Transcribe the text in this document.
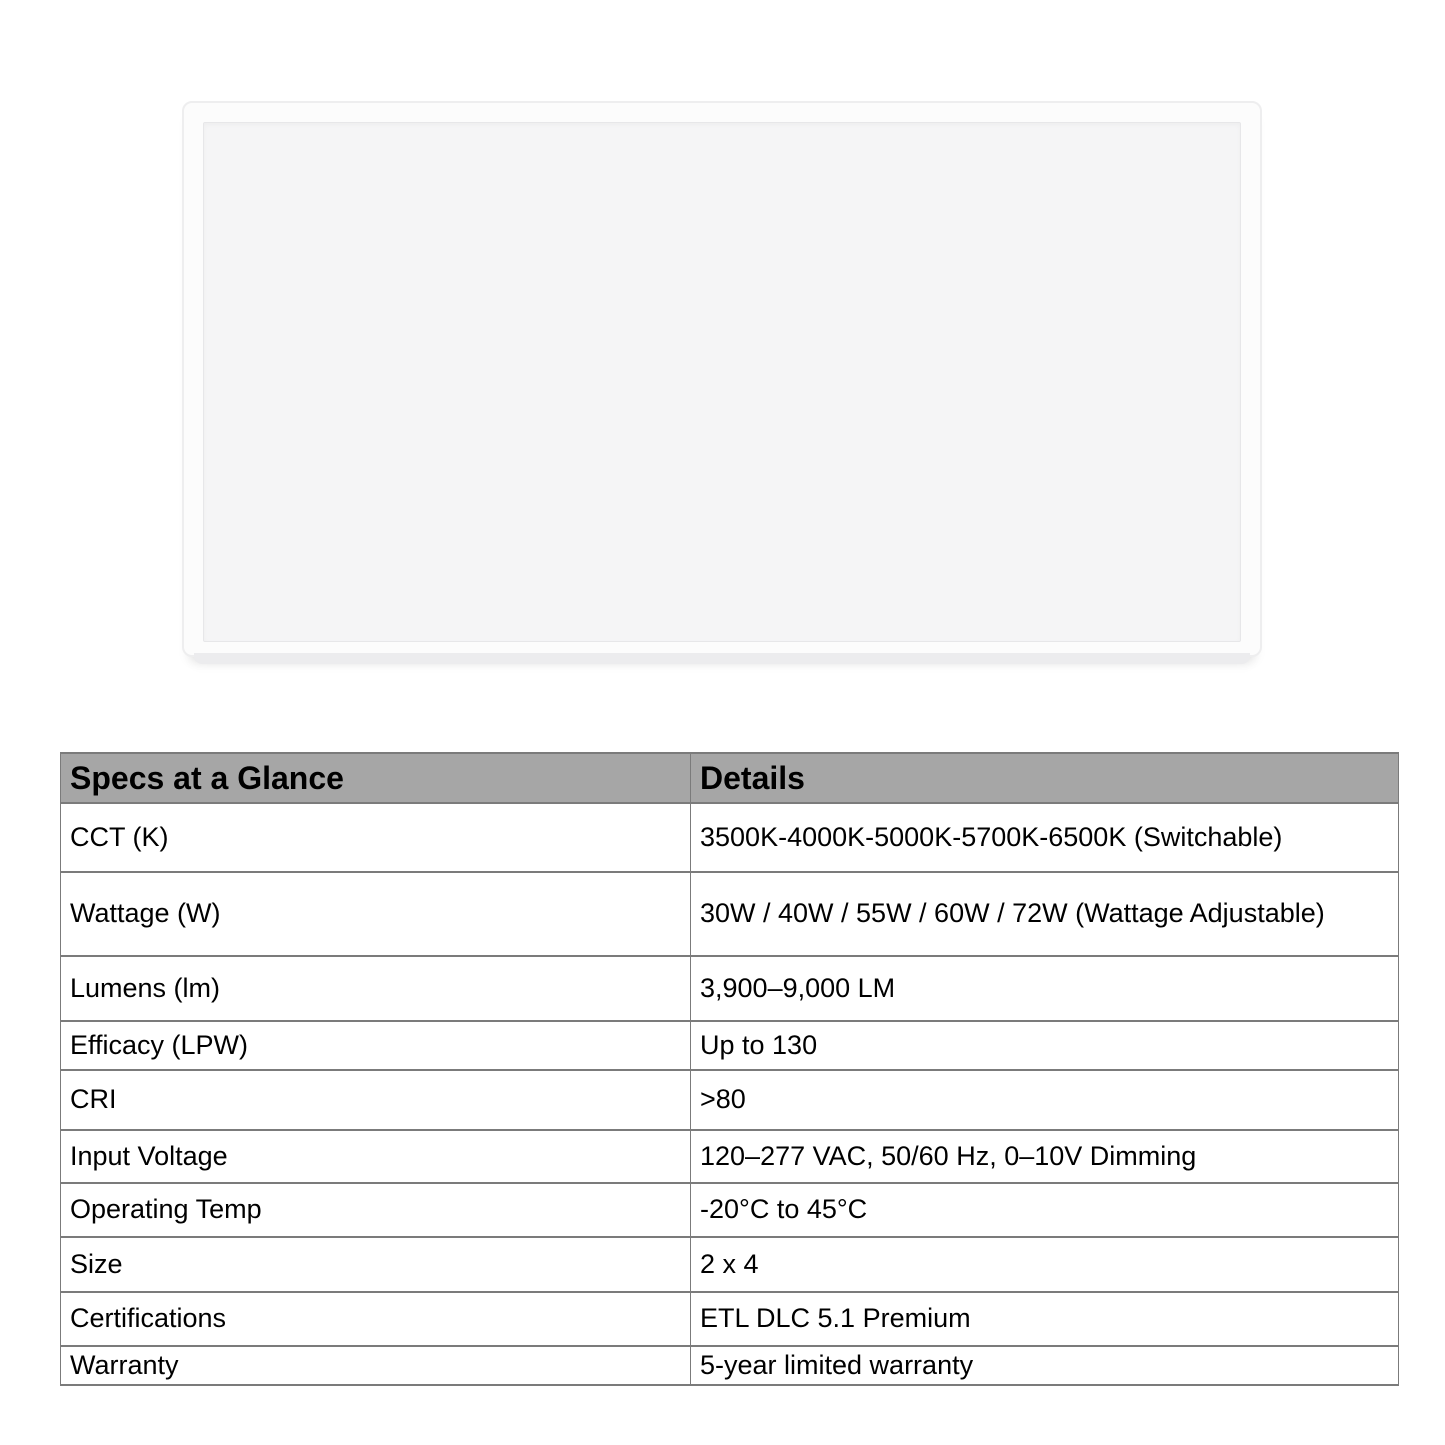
Specs at a Glance	Details
CCT (K)	3500K-4000K-5000K-5700K-6500K (Switchable)
Wattage (W)	30W / 40W / 55W / 60W / 72W (Wattage Adjustable)
Lumens (lm)	3,900–9,000 LM
Efficacy (LPW)	Up to 130
CRI	>80
Input Voltage	120–277 VAC, 50/60 Hz, 0–10V Dimming
Operating Temp	-20°C to 45°C
Size	2 x 4
Certifications	ETL DLC 5.1 Premium
Warranty	5-year limited warranty
